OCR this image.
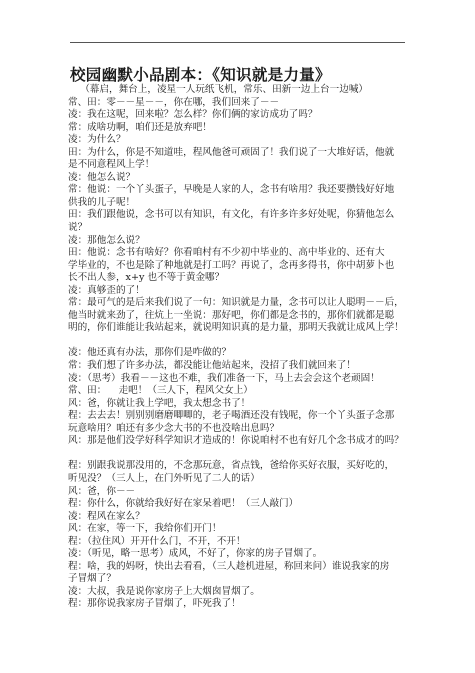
校园幽默小品剧本：《知识就是力量》
（幕启，舞台上，凌星一人玩纸飞机，常乐、田新一边上台一边喊）
常、田：零－－星－－，你在哪，我们回来了－－
凌：我在这呢，回来啦？怎么样？你们俩的家访成功了吗？
常：成啥功啊，咱们还是放弃吧！
凌：为什么？
田：为什么，你是不知道哇，程风他爸可顽固了！我们说了一大堆好话，他就
是不同意程风上学！
凌：他怎么说？
常：他说：一个丫头蛋子，早晚是人家的人，念书有啥用？我还要攒钱好好地
供我的儿子呢！
田：我们跟他说，念书可以有知识，有文化，有许多许多好处呢，你猜他怎么
说？
凌：那他怎么说？
田：他说：念书有啥好？你看咱村有不少初中毕业的、高中毕业的、还有大
学毕业的，不也是除了种地就是打工吗？再说了，念再多得书，你中胡萝卜也
长不出人参，x+y 也不等于黄金哪？
凌：真够歪的了！
常：最可气的是后来我们说了一句：知识就是力量，念书可以让人聪明－－后，
他当时就来劲了，往炕上一坐说：那好吧，你们都是念书的，那你们就都是聪
明的，你们谁能让我站起来，就说明知识真的是力量，那明天我就让成风上学！
凌：他还真有办法，那你们是咋做的？
常：我们想了许多办法，都没能让他站起来，没招了我们就回来了！
凌：（思考）我看－－这也不难，我们准备一下，马上去会会这个老顽固！
常、田：    走吧！（三人下，程风父女上）
风：爸，你就让我上学吧，我太想念书了！
程：去去去！别别别磨磨唧唧的，老子喝酒还没有钱呢，你一个丫头蛋子念那
玩意啥用？咱还有多少念大书的不也没啥出息吗？
风：那是他们没学好科学知识才造成的！你说咱村不也有好几个念书成才的吗？
程：别跟我说那没用的，不念那玩意，省点钱，爸给你买好衣服，买好吃的，
听见没？（三人上，在门外听见了二人的话）
风：爸，你－－
程：你什么，你就给我好好在家呆着吧！（三人敲门）
凌：程风在家么？
风：在家，等一下，我给你们开门！
程：（拉住风）开开什么门，不开，不开！
凌：（听见，略一思考）成风，不好了，你家的房子冒烟了。
程：啥，我的妈呀，快出去看看，（三人趁机进屋，称回来问）谁说我家的房
子冒烟了？
凌：大叔，我是说你家房子上大烟囱冒烟了。
程：那你说我家房子冒烟了，吓死我了！
